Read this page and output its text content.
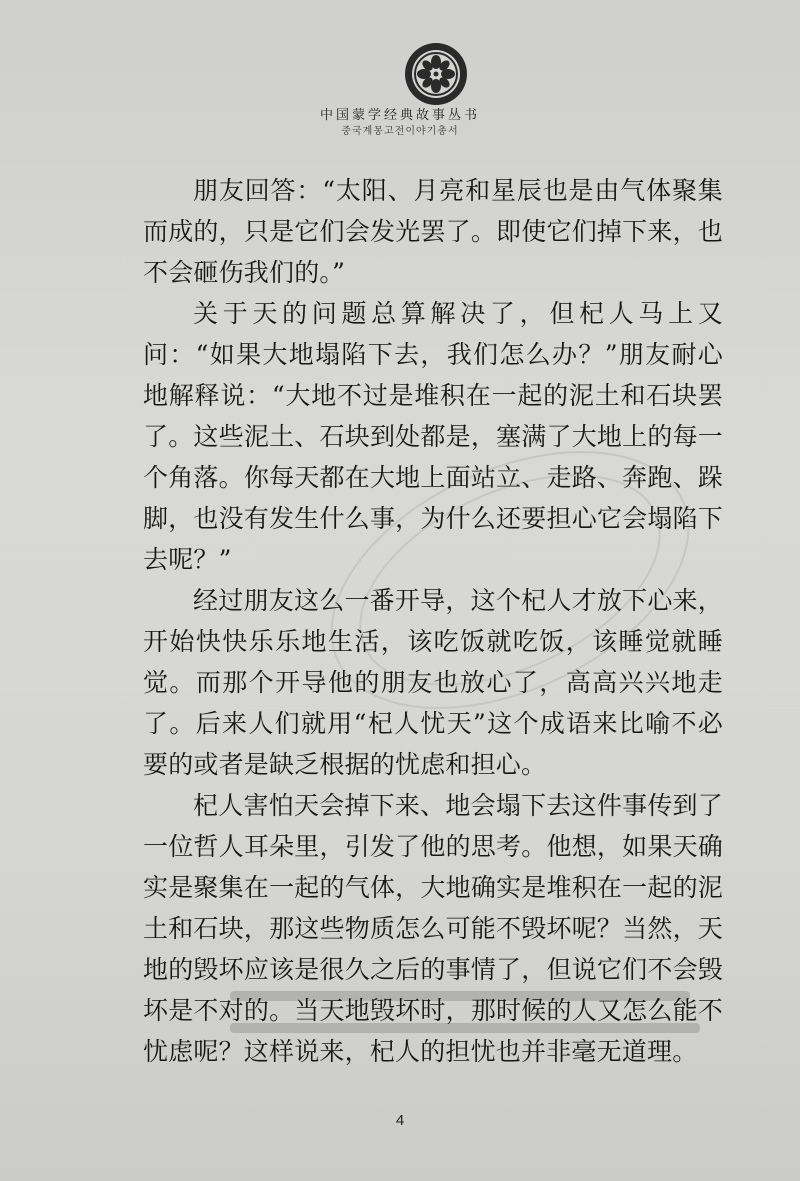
中国蒙学经典故事丛书
중국계몽고전이야기총서

朋友回答：“太阳、月亮和星辰也是由气体聚集而成的，只是它们会发光罢了。即使它们掉下来，也不会砸伤我们的。”

关于天的问题总算解决了，但杞人马上又问：“如果大地塌陷下去，我们怎么办？”朋友耐心地解释说：“大地不过是堆积在一起的泥土和石块罢了。这些泥土、石块到处都是，塞满了大地上的每一个角落。你每天都在大地上面站立、走路、奔跑、跺脚，也没有发生什么事，为什么还要担心它会塌陷下去呢？”

经过朋友这么一番开导，这个杞人才放下心来，开始快快乐乐地生活，该吃饭就吃饭，该睡觉就睡觉。而那个开导他的朋友也放心了，高高兴兴地走了。后来人们就用“杞人忧天”这个成语来比喻不必要的或者是缺乏根据的忧虑和担心。

杞人害怕天会掉下来、地会塌下去这件事传到了一位哲人耳朵里，引发了他的思考。他想，如果天确实是聚集在一起的气体，大地确实是堆积在一起的泥土和石块，那这些物质怎么可能不毁坏呢？当然，天地的毁坏应该是很久之后的事情了，但说它们不会毁坏是不对的。当天地毁坏时，那时候的人又怎么能不忧虑呢？这样说来，杞人的担忧也并非毫无道理。

4
